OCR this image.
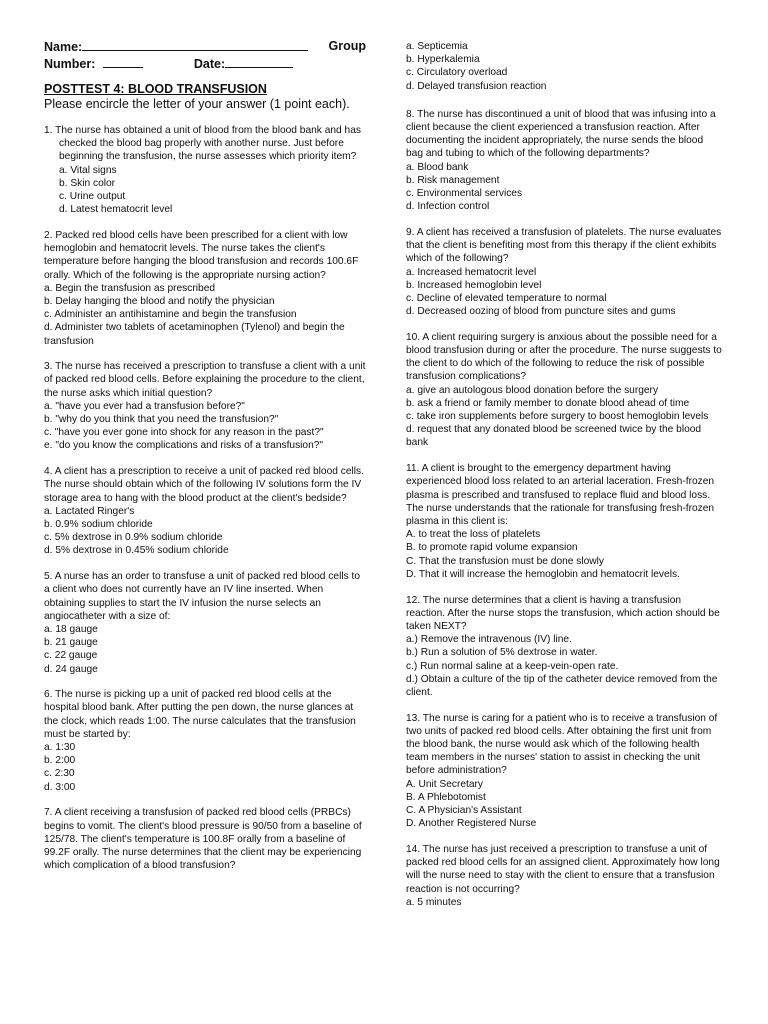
Name:	Group
Number:	Date:

POSTTEST 4: BLOOD TRANSFUSION

Please encircle the letter of your answer (1 point each).

1. The nurse has obtained a unit of blood from the blood bank and has checked the blood bag properly with another nurse. Just before beginning the transfusion, the nurse assesses which priority item?

a. Vital signs
b. Skin color
c. Urine output
d. Latest hematocrit level

2. Packed red blood cells have been prescribed for a client with low hemoglobin and hematocrit levels. The nurse takes the client's temperature before hanging the blood transfusion and records 100.6F orally. Which of the following is the appropriate nursing action?

a. Begin the transfusion as prescribed
b. Delay hanging the blood and notify the physician
c. Administer an antihistamine and begin the transfusion
d. Administer two tablets of acetaminophen (Tylenol) and begin the transfusion

3. The nurse has received a prescription to transfuse a client with a unit of packed red blood cells. Before explaining the procedure to the client, the nurse asks which initial question?

a. "have you ever had a transfusion before?"
b. "why do you think that you need the transfusion?"
c. "have you ever gone into shock for any reason in the past?"
e. "do you know the complications and risks of a transfusion?"

4. A client has a prescription to receive a unit of packed red blood cells. The nurse should obtain which of the following IV solutions form the IV storage area to hang with the blood product at the client's bedside?

a. Lactated Ringer's
b. 0.9% sodium chloride
c. 5% dextrose in 0.9% sodium chloride
d. 5% dextrose in 0.45% sodium chloride

5. A nurse has an order to transfuse a unit of packed red blood cells to a client who does not currently have an IV line inserted. When obtaining supplies to start the IV infusion the nurse selects an angiocatheter with a size of:

a. 18 gauge
b. 21 gauge
c. 22 gauge
d. 24 gauge

6. The nurse is picking up a unit of packed red blood cells at the hospital blood bank. After putting the pen down, the nurse glances at the clock, which reads 1:00. The nurse calculates that the transfusion must be started by:

a. 1:30
b. 2:00
c. 2:30
d. 3:00

7. A client receiving a transfusion of packed red blood cells (PRBCs) begins to vomit. The client's blood pressure is 90/50 from a baseline of 125/78. The client's temperature is 100.8F orally from a baseline of 99.2F orally. The nurse determines that the client may be experiencing which complication of a blood transfusion?

a. Septicemia
b. Hyperkalemia
c. Circulatory overload
d. Delayed transfusion reaction

8. The nurse has discontinued a unit of blood that was infusing into a client because the client experienced a transfusion reaction. After documenting the incident appropriately, the nurse sends the blood bag and tubing to which of the following departments?

a. Blood bank
b. Risk management
c. Environmental services
d. Infection control

9. A client has received a transfusion of platelets. The nurse evaluates that the client is benefiting most from this therapy if the client exhibits which of the following?

a. Increased hematocrit level
b. Increased hemoglobin level
c. Decline of elevated temperature to normal
d. Decreased oozing of blood from puncture sites and gums

10. A client requiring surgery is anxious about the possible need for a blood transfusion during or after the procedure. The nurse suggests to the client to do which of the following to reduce the risk of possible transfusion complications?

a. give an autologous blood donation before the surgery
b. ask a friend or family member to donate blood ahead of time
c. take iron supplements before surgery to boost hemoglobin levels
d. request that any donated blood be screened twice by the blood bank

11. A client is brought to the emergency department having experienced blood loss related to an arterial laceration. Fresh-frozen plasma is prescribed and transfused to replace fluid and blood loss. The nurse understands that the rationale for transfusing fresh-frozen plasma in this client is:

A. to treat the loss of platelets
B. to promote rapid volume expansion
C. That the transfusion must be done slowly
D. That it will increase the hemoglobin and hematocrit levels.

12. The nurse determines that a client is having a transfusion reaction. After the nurse stops the transfusion, which action should be taken NEXT?

a.) Remove the intravenous (IV) line.
b.) Run a solution of 5% dextrose in water.
c.) Run normal saline at a keep-vein-open rate.
d.) Obtain a culture of the tip of the catheter device removed from the client.

13. The nurse is caring for a patient who is to receive a transfusion of two units of packed red blood cells. After obtaining the first unit from the blood bank, the nurse would ask which of the following health team members in the nurses' station to assist in checking the unit before administration?

A. Unit Secretary
B. A Phlebotomist
C. A Physician's Assistant
D. Another Registered Nurse

14. The nurse has just received a prescription to transfuse a unit of packed red blood cells for an assigned client. Approximately how long will the nurse need to stay with the client to ensure that a transfusion reaction is not occurring?

a. 5 minutes
